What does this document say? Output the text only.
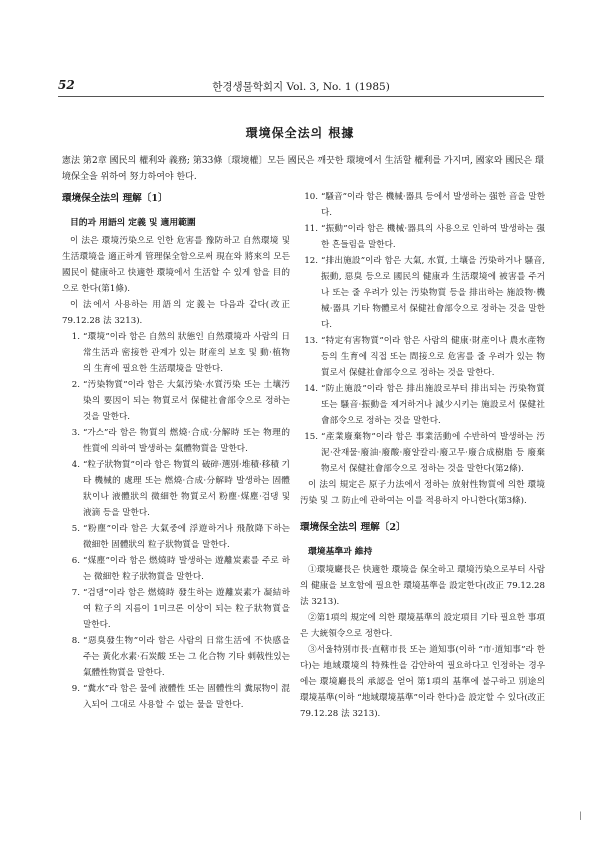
52	한경생물학회지 Vol. 3, No. 1 (1985)
環境保全法의 根據
憲法 第2章 國民의 權利와 義務; 第33條〔環境權〕모든 國民은 깨끗한 環境에서 生活할 權利를 가지며, 國家와 國民은 環境保全을 위하여 努力하여야 한다.
環境保全法의 理解〔1〕
目的과 用語의 定義 및 適用範圍

이 法은 環境汚染으로 인한 危害를 豫防하고 自然環境 및 生活環境을 適正하게 管理保全함으로써 現在와 將來의 모든 國民이 健康하고 快適한 環境에서 生活할 수 있게 함을 目的으로 한다(第1條).

이 法에서 사용하는 用語의 定義는 다음과 같다(改正 79.12.28 法 3213).

1. “環境”이라 함은 自然의 狀態인 自然環境과 사람의 日常生活과 密接한 관계가 있는 財産의 보호 및 動·植物의 生育에 필요한 生活環境을 말한다.
2. “汚染物質”이라 함은 大氣汚染·水質汚染 또는 土壤汚染의 要因이 되는 物質로서 保健社會部令으로 정하는 것을 말한다.
3. “가스”라 함은 物質의 燃燒·合成·分解時 또는 物理的 性質에 의하여 발생하는 氣體物質을 말한다.
4. “粒子狀物質”이라 함은 物質의 破碎·選別·堆積·移積 기타 機械的 處理 또는 燃燒·合成·分解時 발생하는 固體狀이나 液體狀의 微細한 物質로서 粉塵·煤塵·검댕 및 液滴 등을 말한다.
5. “粉塵”이라 함은 大氣중에 浮遊하거나 飛散降下하는 微細한 固體狀의 粒子狀物質을 말한다.
6. “煤塵”이라 함은 燃燒時 발생하는 遊離炭素를 주로 하는 微細한 粒子狀物質을 말한다.
7. “검댕”이라 함은 燃燒時 發生하는 遊離炭素가 凝結하여 粒子의 지름이 1미크론 이상이 되는 粒子狀物質을 말한다.
8. “惡臭發生物”이라 함은 사람의 日常生活에 不快感을 주는 黃化水素·石炭酸 또는 그 化合物 기타 刺戟性있는 氣體性物質을 말한다.
9. “糞水”라 함은 물에 液體性 또는 固體性의 糞尿物이 混入되어 그대로 사용할 수 없는 물을 말한다.
10. “騷音”이라 함은 機械·器具 등에서 발생하는 强한 音을 말한다.
11. “振動”이라 함은 機械·器具의 사용으로 인하여 발생하는 强한 흔들림을 말한다.
12. “排出施設”이라 함은 大氣, 水質, 土壤을 汚染하거나 騷音, 振動, 惡臭 등으로 國民의 健康과 生活環境에 被害를 주거나 또는 줄 우려가 있는 汚染物質 등을 排出하는 施設物·機械·器具 기타 物體로서 保健社會部令으로 정하는 것을 말한다.
13. “特定有害物質”이라 함은 사람의 健康·財產이나 農水產物 등의 生育에 직접 또는 間接으로 危害를 줄 우려가 있는 物質로서 保健社會部令으로 정하는 것을 말한다.
14. “防止施設”이라 함은 排出施設로부터 排出되는 汚染物質 또는 騷音·振動을 제거하거나 減少시키는 施設로서 保健社會部令으로 정하는 것을 말한다.
15. “產業廢棄物”이라 함은 事業活動에 수반하여 발생하는 汚泥·잔재물·廢油·廢酸·廢알칼리·廢고무·廢合成樹脂 등 廢棄物로서 保健社會部令으로 정하는 것을 말한다(第2條).

이 法의 規定은 原子力法에서 정하는 放射性物質에 의한 環境汚染 및 그 防止에 관하여는 이를 적용하지 아니한다(第3條).

環境保全法의 理解〔2〕
環境基準과 維持

①環境廳長은 快適한 環境을 保全하고 環境汚染으로부터 사람의 健康을 보호함에 필요한 環境基準을 設定한다(改正 79.12.28 法 3213).

②第1項의 規定에 의한 環境基準의 設定項目 기타 필요한 事項은 大統領令으로 정한다.

③서울特別市長·直轄市長 또는 道知事(이하 “市·道知事”라 한다)는 地域環境의 特殊性을 감안하여 필요하다고 인정하는 경우에는 環境廳長의 承認을 얻어 第1項의 基準에 불구하고 別途의 環境基準(이하 “地域環境基準”이라 한다)을 設定할 수 있다(改正 79.12.28 法 3213).

|
